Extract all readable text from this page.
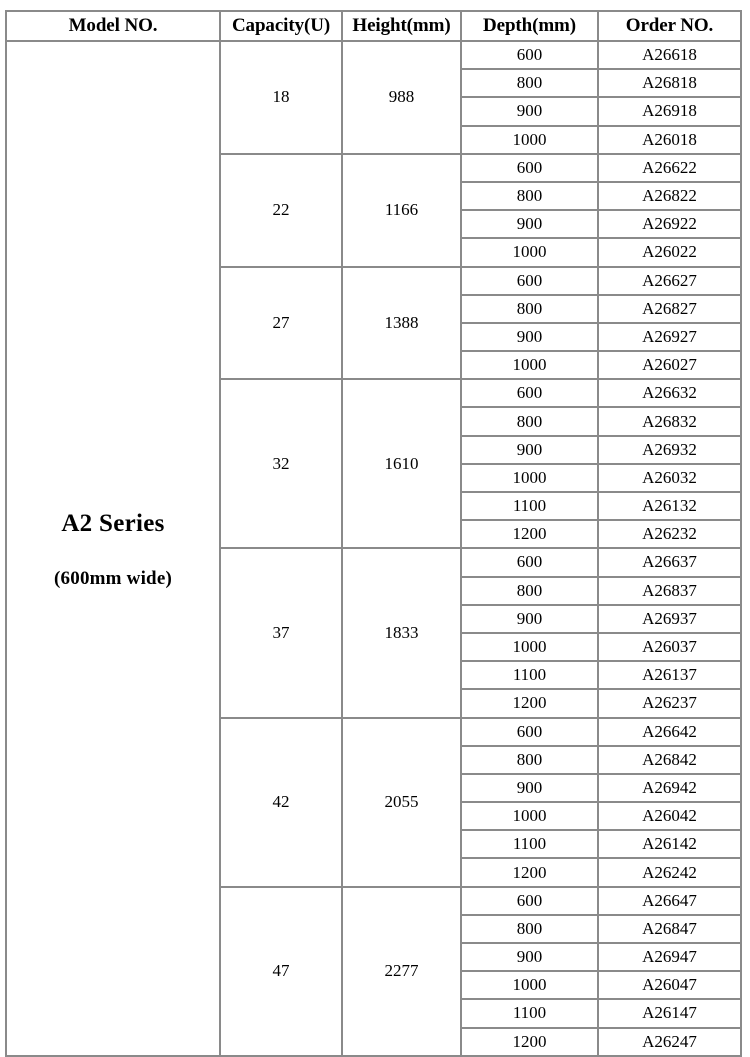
Model NO.	Capacity(U)	Height(mm)	Depth(mm)	Order NO.

A2 Series
(600mm wide)	18	988	600	A26618
			800	A26818
			900	A26918
			1000	A26018
	22	1166	600	A26622
			800	A26822
			900	A26922
			1000	A26022
	27	1388	600	A26627
			800	A26827
			900	A26927
			1000	A26027
	32	1610	600	A26632
			800	A26832
			900	A26932
			1000	A26032
			1100	A26132
			1200	A26232
	37	1833	600	A26637
			800	A26837
			900	A26937
			1000	A26037
			1100	A26137
			1200	A26237
	42	2055	600	A26642
			800	A26842
			900	A26942
			1000	A26042
			1100	A26142
			1200	A26242
	47	2277	600	A26647
			800	A26847
			900	A26947
			1000	A26047
			1100	A26147
			1200	A26247
